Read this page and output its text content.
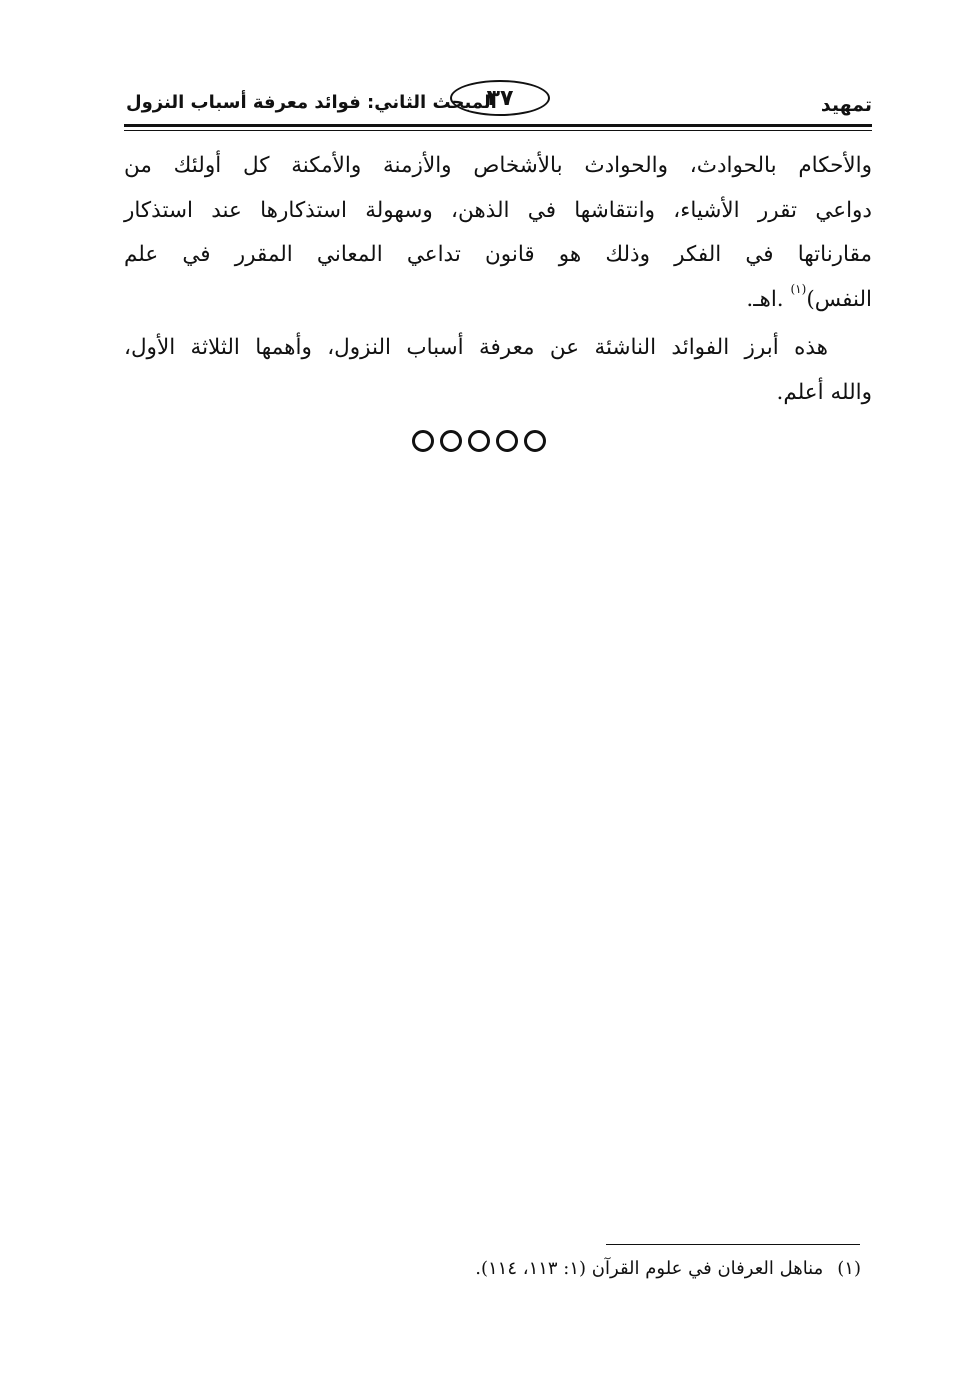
تمهيد
٣٧
المبحث الثاني: فوائد معرفة أسباب النزول

والأحكام بالحوادث، والحوادث بالأشخاص والأزمنة والأمكنة كل أولئك من
دواعي تقرر الأشياء، وانتقاشها في الذهن، وسهولة استذكارها عند استذكار
مقارناتها في الفكر وذلك هو قانون تداعي المعاني المقرر في علم
النفس)$^{(١)}$ .اهـ.

هذه أبرز الفوائد الناشئة عن معرفة أسباب النزول، وأهمها الثلاثة الأول،
والله أعلم.

(١)مناهل العرفان في علوم القرآن (١: ١١٣، ١١٤).
